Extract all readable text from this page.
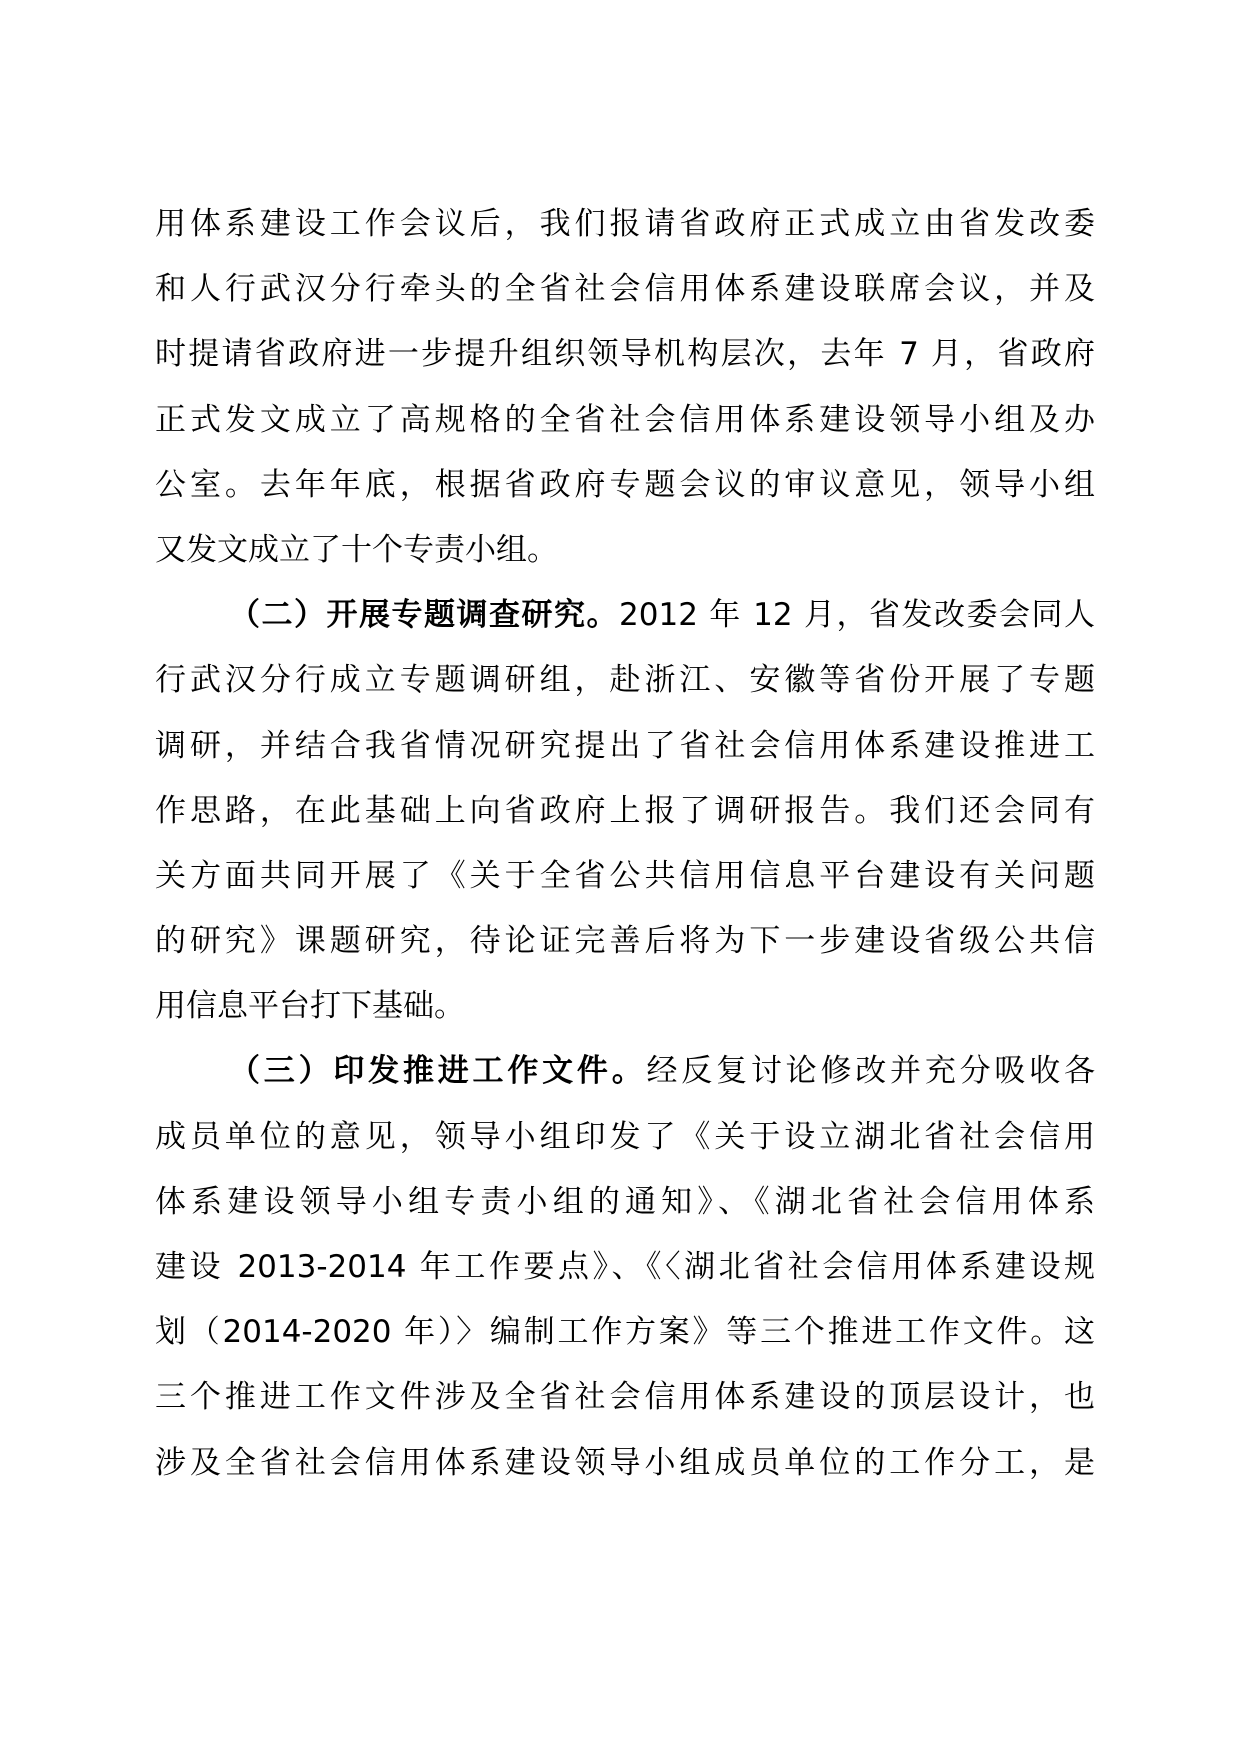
用体系建设工作会议后，我们报请省政府正式成立由省发改委
和人行武汉分行牵头的全省社会信用体系建设联席会议，并及
时提请省政府进一步提升组织领导机构层次，去年 7 月，省政府
正式发文成立了高规格的全省社会信用体系建设领导小组及办
公室。去年年底，根据省政府专题会议的审议意见，领导小组
又发文成立了十个专责小组。
（二）开展专题调查研究。2012 年 12 月，省发改委会同人
行武汉分行成立专题调研组，赴浙江、安徽等省份开展了专题
调研，并结合我省情况研究提出了省社会信用体系建设推进工
作思路，在此基础上向省政府上报了调研报告。我们还会同有
关方面共同开展了《关于全省公共信用信息平台建设有关问题
的研究》课题研究，待论证完善后将为下一步建设省级公共信
用信息平台打下基础。
（三）印发推进工作文件。经反复讨论修改并充分吸收各
成员单位的意见，领导小组印发了《关于设立湖北省社会信用
体系建设领导小组专责小组的通知》、《湖北省社会信用体系
建设 2013-2014 年工作要点》、《〈湖北省社会信用体系建设规
划（2014-2020 年）〉编制工作方案》等三个推进工作文件。这
三个推进工作文件涉及全省社会信用体系建设的顶层设计，也
涉及全省社会信用体系建设领导小组成员单位的工作分工，是
